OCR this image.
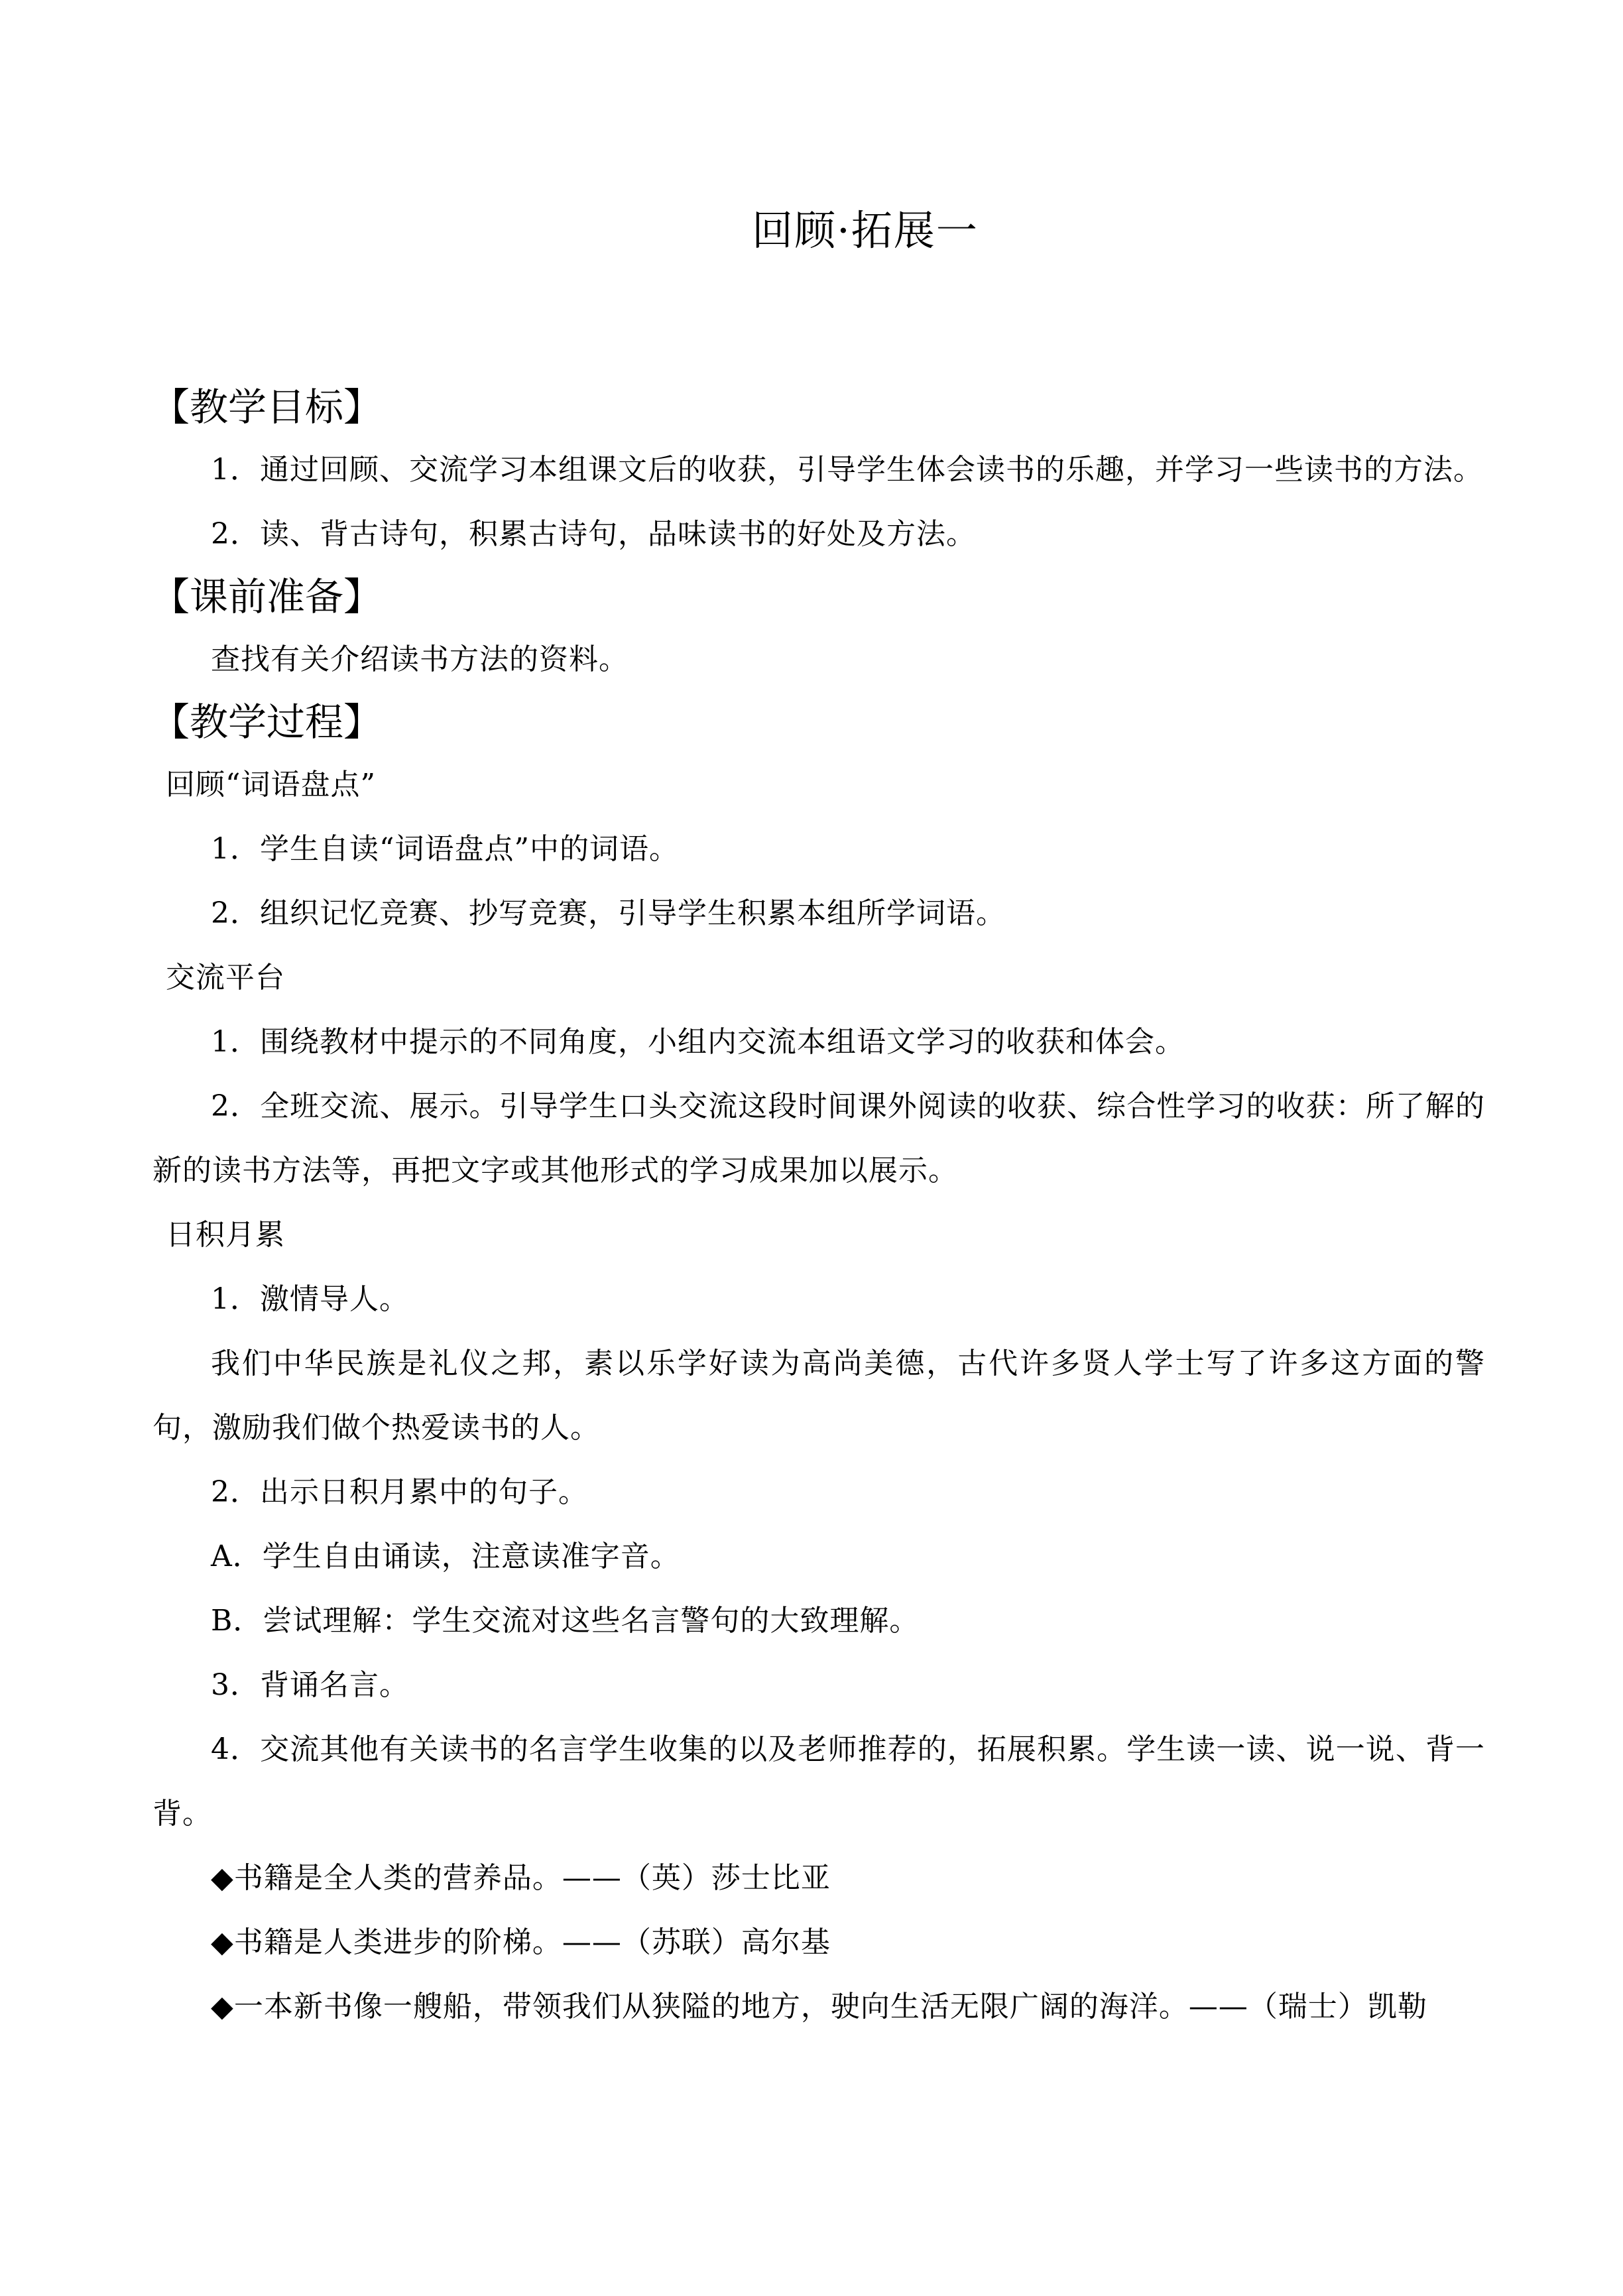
回顾·拓展一
【教学目标】
1．通过回顾、交流学习本组课文后的收获，引导学生体会读书的乐趣，并学习一些读书的方法。
2．读、背古诗句，积累古诗句，品味读书的好处及方法。
【课前准备】
查找有关介绍读书方法的资料。
【教学过程】
回顾“词语盘点”
1．学生自读“词语盘点”中的词语。
2．组织记忆竞赛、抄写竞赛，引导学生积累本组所学词语。
交流平台
1．围绕教材中提示的不同角度，小组内交流本组语文学习的收获和体会。
2．全班交流、展示。引导学生口头交流这段时间课外阅读的收获、综合性学习的收获：所了解的新的读书方法等，再把文字或其他形式的学习成果加以展示。
日积月累
1．激情导人。
我们中华民族是礼仪之邦，素以乐学好读为高尚美德，古代许多贤人学士写了许多这方面的警句，激励我们做个热爱读书的人。
2．出示日积月累中的句子。
A．学生自由诵读，注意读准字音。
B．尝试理解：学生交流对这些名言警句的大致理解。
3．背诵名言。
4．交流其他有关读书的名言学生收集的以及老师推荐的，拓展积累。学生读一读、说一说、背一背。
◆书籍是全人类的营养品。——（英）莎士比亚
◆书籍是人类进步的阶梯。——（苏联）高尔基
◆一本新书像一艘船，带领我们从狭隘的地方，驶向生活无限广阔的海洋。——（瑞士）凯勒
